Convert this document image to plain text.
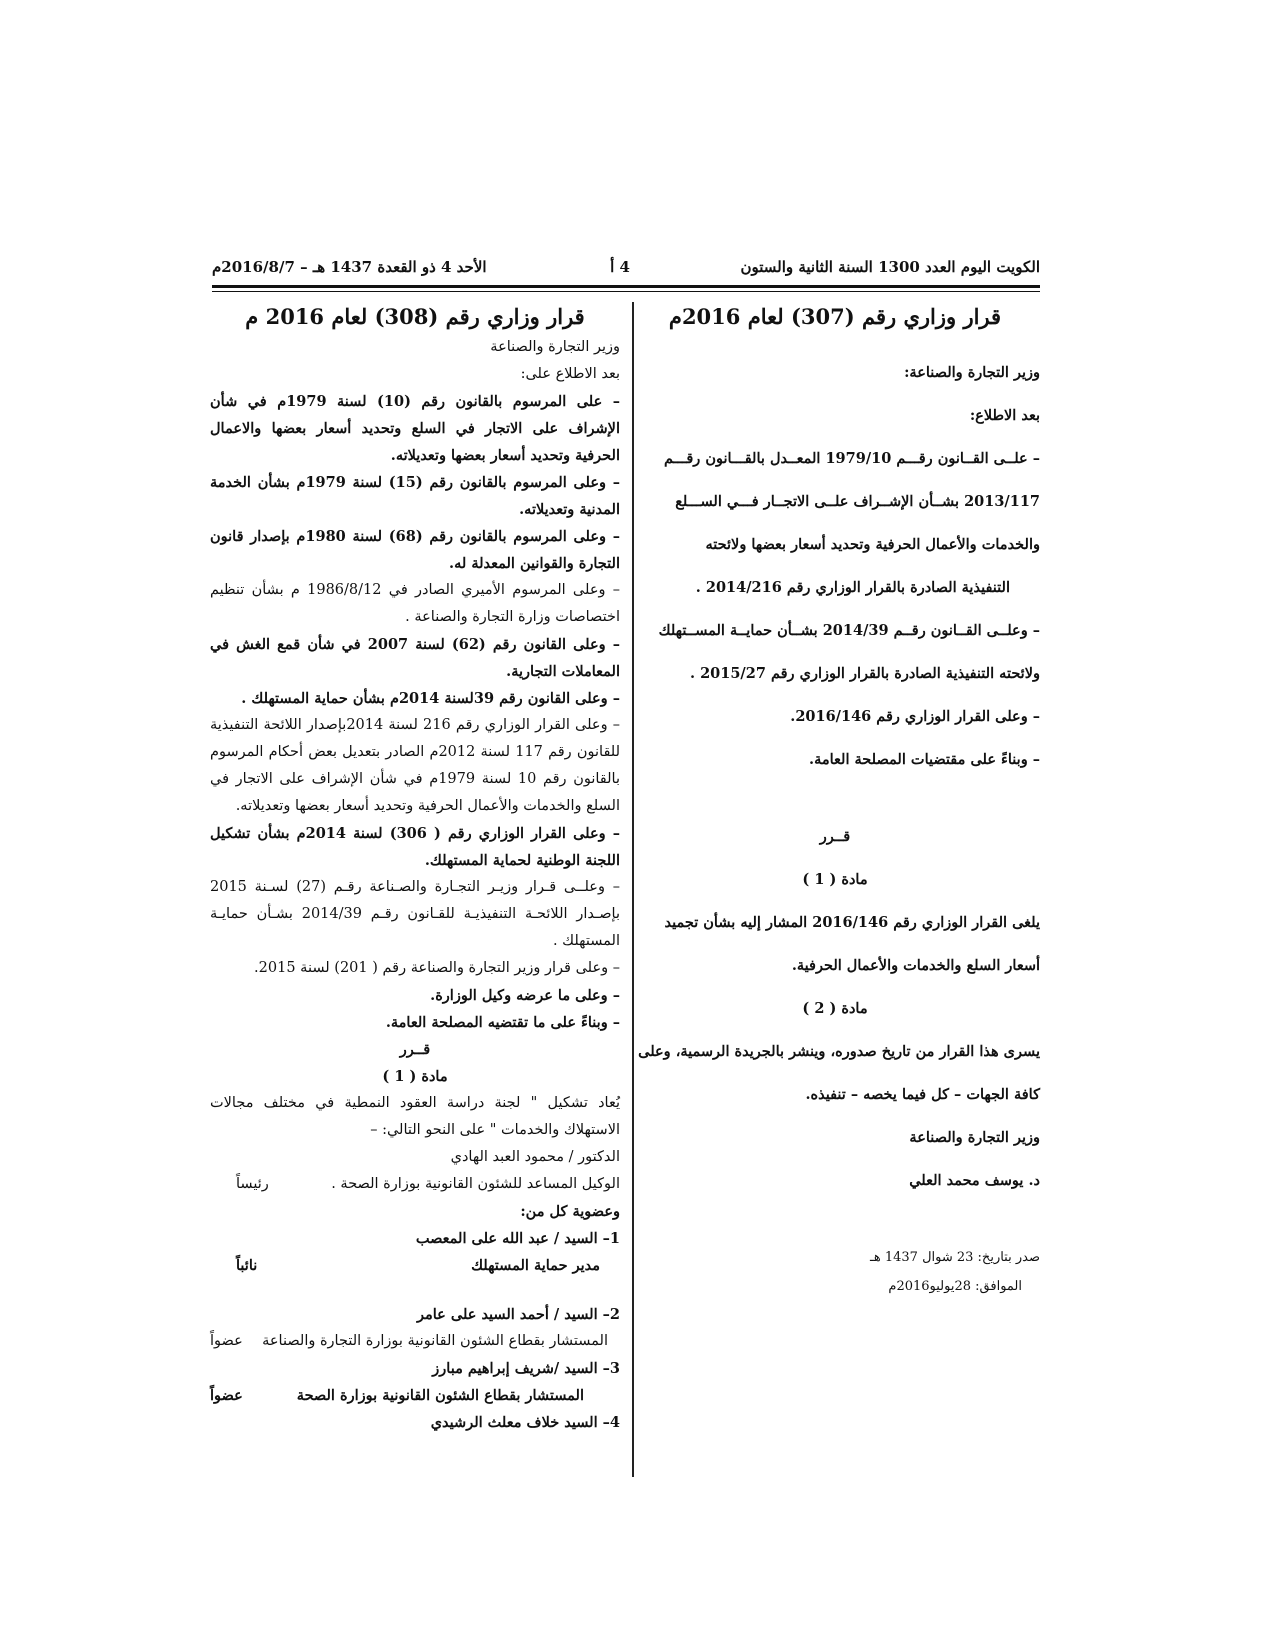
الكويت اليوم العدد 1300 السنة الثانية والستون
4 أ
الأحد 4 ذو القعدة 1437 هـ – 2016/8/7م

قرار وزاري رقم (307) لعام 2016م

وزير التجارة والصناعة:

بعد الاطلاع:

– علــى القــانون رقـــم 1979/10 المعــدل بالقـــانون رقـــم

2013/117 بشــأن الإشــراف علــى الاتجــار فـــي الســـلع

والخدمات والأعمال الحرفية وتحديد أسعار بعضها ولائحته

التنفيذية الصادرة بالقرار الوزاري رقم 2014/216 .

– وعلــى القــانون رقــم 2014/39 بشــأن حمايــة المســتهلك

ولائحته التنفيذية الصادرة بالقرار الوزاري رقم 2015/27 .

– وعلى القرار الوزاري رقم 2016/146.

– وبناءً على مقتضيات المصلحة العامة.

قــرر

مادة ( 1 )

يلغى القرار الوزاري رقم 2016/146 المشار إليه بشأن تجميد

أسعار السلع والخدمات والأعمال الحرفية.

مادة ( 2 )

يسرى هذا القرار من تاريخ صدوره، وينشر بالجريدة الرسمية، وعلى

كافة الجهات – كل فيما يخصه – تنفيذه.

وزير التجارة والصناعة

د. يوسف محمد العلي

صدر بتاريخ: 23 شوال 1437 هـ

الموافق: 28يوليو2016م

قرار وزاري رقم (308) لعام 2016 م

وزير التجارة والصناعة

بعد الاطلاع على:

– على المرسوم بالقانون رقم (10) لسنة 1979م في شأن الإشراف على الاتجار في السلع وتحديد أسعار بعضها والاعمال الحرفية وتحديد أسعار بعضها وتعديلاته.

– وعلى المرسوم بالقانون رقم (15) لسنة 1979م بشأن الخدمة المدنية وتعديلاته.

– وعلى المرسوم بالقانون رقم (68) لسنة 1980م بإصدار قانون التجارة والقوانين المعدلة له.

– وعلى المرسوم الأميري الصادر في 1986/8/12 م بشأن تنظيم اختصاصات وزارة التجارة والصناعة .

– وعلى القانون رقم (62) لسنة 2007 في شأن قمع الغش في المعاملات التجارية.

– وعلى القانون رقم 39لسنة 2014م بشأن حماية المستهلك .

– وعلى القرار الوزاري رقم 216 لسنة 2014بإصدار اللائحة التنفيذية للقانون رقم 117 لسنة 2012م الصادر بتعديل بعض أحكام المرسوم بالقانون رقم 10 لسنة 1979م في شأن الإشراف على الاتجار في السلع والخدمات والأعمال الحرفية وتحديد أسعار بعضها وتعديلاته.

– وعلى القرار الوزاري رقم ( 306) لسنة 2014م بشأن تشكيل اللجنة الوطنية لحماية المستهلك.

– وعلــى قـرار وزيـر التجـارة والصـناعة رقـم (27) لسـنة 2015 بإصـدار اللائحـة التنفيذيـة للقـانون رقـم 2014/39 بشـأن حمايـة المستهلك .

– وعلى قرار وزير التجارة والصناعة رقم ( 201) لسنة 2015.

– وعلى ما عرضه وكيل الوزارة.

– وبناءً على ما تقتضيه المصلحة العامة.

قــرر

مادة ( 1 )

يُعاد تشكيل " لجنة دراسة العقود النمطية في مختلف مجالات الاستهلاك والخدمات " على النحو التالي: –

الدكتور / محمود العبد الهادي

الوكيل المساعد للشئون القانونية بوزارة الصحة .
رئيساً

وعضوية كل من:

1– السيد / عبد الله على المعصب

مدير حماية المستهلك
نائباً

2– السيد / أحمد السيد على عامر

المستشار بقطاع الشئون القانونية بوزارة التجارة والصناعة
عضواً

3– السيد /شريف إبراهيم مبارز

المستشار بقطاع الشئون القانونية بوزارة الصحة
عضواً

4– السيد خلاف معلث الرشيدي
